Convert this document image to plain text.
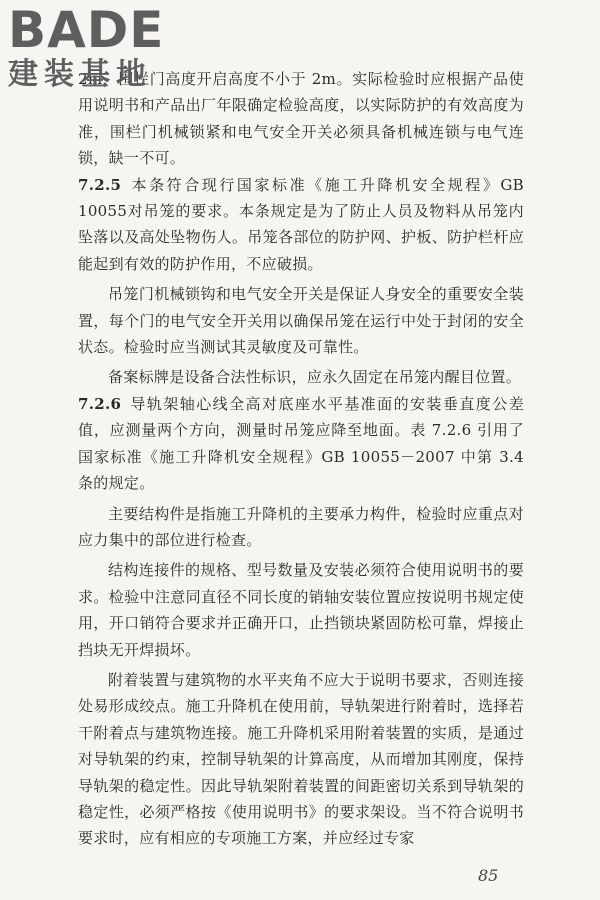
BADE
建装基地

2m，围栏门高度开启高度不小于 2m。实际检验时应根据产品使用说明书和产品出厂年限确定检验高度，以实际防护的有效高度为准，围栏门机械锁紧和电气安全开关必须具备机械连锁与电气连锁，缺一不可。

7.2.5 本条符合现行国家标准《施工升降机安全规程》GB 10055对吊笼的要求。本条规定是为了防止人员及物料从吊笼内坠落以及高处坠物伤人。吊笼各部位的防护网、护板、防护栏杆应能起到有效的防护作用，不应破损。

吊笼门机械锁钩和电气安全开关是保证人身安全的重要安全装置，每个门的电气安全开关用以确保吊笼在运行中处于封闭的安全状态。检验时应当测试其灵敏度及可靠性。

备案标牌是设备合法性标识，应永久固定在吊笼内醒目位置。

7.2.6 导轨架轴心线全高对底座水平基准面的安装垂直度公差值，应测量两个方向，测量时吊笼应降至地面。表 7.2.6 引用了国家标准《施工升降机安全规程》GB 10055－2007 中第 3.4 条的规定。

主要结构件是指施工升降机的主要承力构件，检验时应重点对应力集中的部位进行检查。

结构连接件的规格、型号数量及安装必须符合使用说明书的要求。检验中注意同直径不同长度的销轴安装位置应按说明书规定使用，开口销符合要求并正确开口，止挡锁块紧固防松可靠，焊接止挡块无开焊损坏。

附着装置与建筑物的水平夹角不应大于说明书要求，否则连接处易形成绞点。施工升降机在使用前，导轨架进行附着时，选择若干附着点与建筑物连接。施工升降机采用附着装置的实质，是通过对导轨架的约束，控制导轨架的计算高度，从而增加其刚度，保持导轨架的稳定性。因此导轨架附着装置的间距密切关系到导轨架的稳定性，必须严格按《使用说明书》的要求架设。当不符合说明书要求时，应有相应的专项施工方案，并应经过专家

85
